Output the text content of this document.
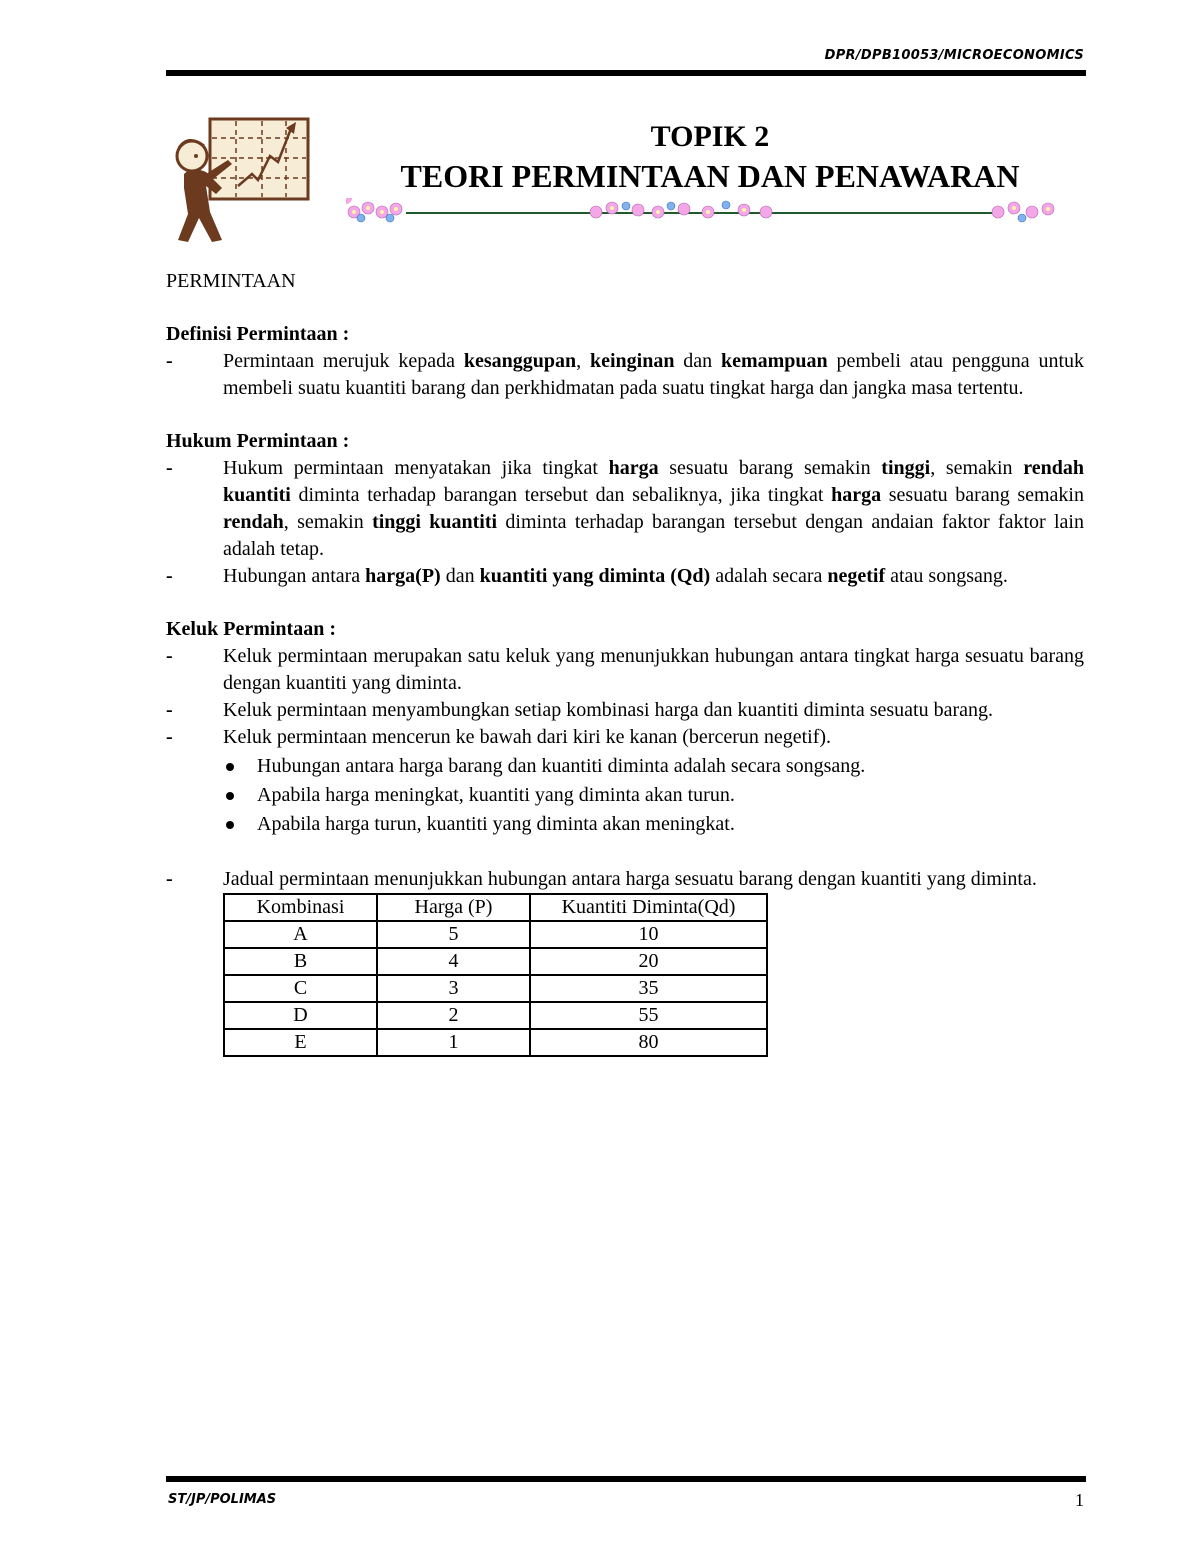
DPR/DPB10053/MICROECONOMICS
TOPIK 2
TEORI PERMINTAAN DAN PENAWARAN

PERMINTAAN

Definisi Permintaan :

-	Permintaan merujuk kepada kesanggupan, keinginan dan kemampuan pembeli atau pengguna untuk membeli suatu kuantiti barang dan perkhidmatan pada suatu tingkat harga dan jangka masa tertentu.

Hukum Permintaan :

-	Hukum permintaan menyatakan jika tingkat harga sesuatu barang semakin tinggi, semakin rendah kuantiti diminta terhadap barangan tersebut dan sebaliknya, jika tingkat harga sesuatu barang semakin rendah, semakin tinggi kuantiti diminta terhadap barangan tersebut dengan andaian faktor faktor lain adalah tetap.
-	Hubungan antara harga(P) dan kuantiti yang diminta (Qd) adalah secara negetif atau songsang.

Keluk Permintaan :

-	Keluk permintaan merupakan satu keluk yang menunjukkan hubungan antara tingkat harga sesuatu barang dengan kuantiti yang diminta.
-	Keluk permintaan menyambungkan setiap kombinasi harga dan kuantiti diminta sesuatu barang.
-	Keluk permintaan mencerun ke bawah dari kiri ke kanan (bercerun negetif).
Hubungan antara harga barang dan kuantiti diminta adalah secara songsang.
Apabila harga meningkat, kuantiti yang diminta akan turun.
Apabila harga turun, kuantiti yang diminta akan meningkat.
-	Jadual permintaan menunjukkan hubungan antara harga sesuatu barang dengan kuantiti yang diminta.
Kombinasi	Harga (P)	Kuantiti Diminta(Qd)
A	5	10
B	4	20
C	3	35
D	2	55
E	1	80
ST/JP/POLIMAS	1
